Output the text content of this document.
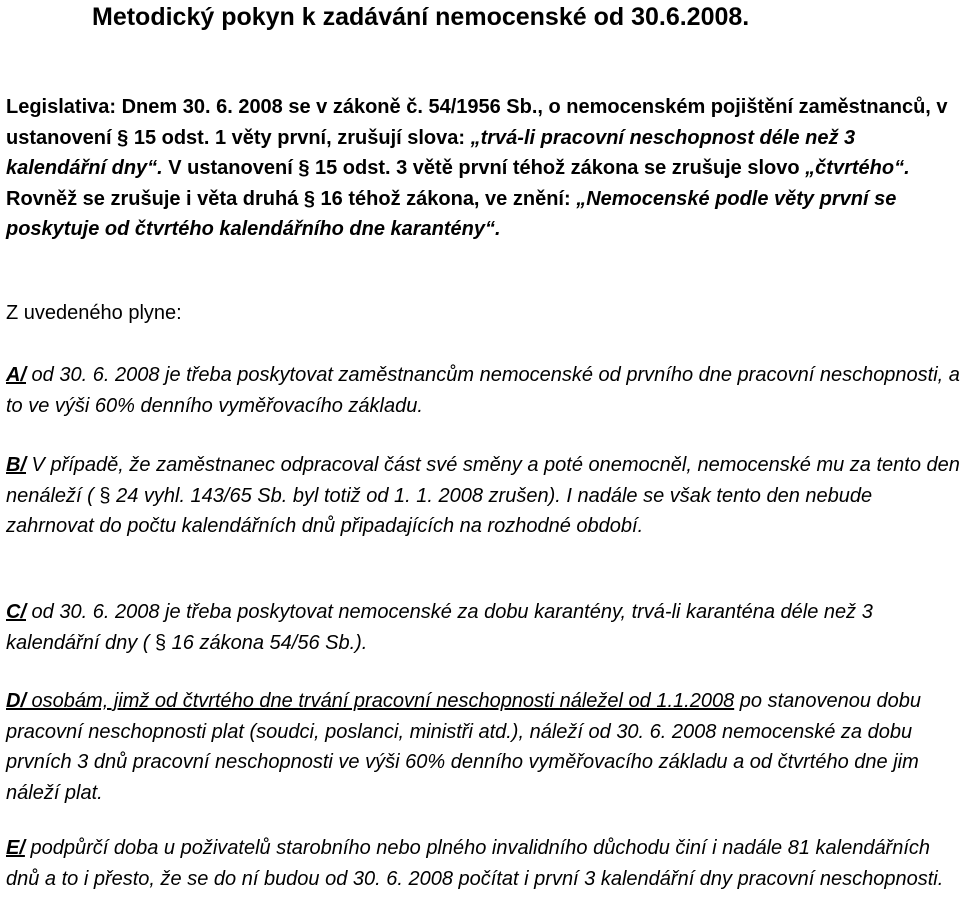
Metodický pokyn k zadávání nemocenské od 30.6.2008.
Legislativa: Dnem 30. 6. 2008 se v zákoně č. 54/1956 Sb., o nemocenském pojištění zaměstnanců, v ustanovení § 15 odst. 1 věty první, zrušují slova: „trvá-li pracovní neschopnost déle než 3 kalendářní dny“. V ustanovení § 15 odst. 3 větě první téhož zákona se zrušuje slovo „čtvrtého“. Rovněž se zrušuje i věta druhá § 16 téhož zákona, ve znění: „Nemocenské podle věty první se poskytuje od čtvrtého kalendářního dne karantény“.
Z uvedeného plyne:
A/ od 30. 6. 2008 je třeba poskytovat zaměstnancům nemocenské od prvního dne pracovní neschopnosti, a to ve výši 60% denního vyměřovacího základu.
B/ V případě, že zaměstnanec odpracoval část své směny a poté onemocněl, nemocenské mu za tento den nenáleží ( § 24 vyhl. 143/65 Sb. byl totiž od 1. 1. 2008 zrušen). I nadále se však tento den nebude zahrnovat do počtu kalendářních dnů připadajících na rozhodné období.
C/ od 30. 6. 2008 je třeba poskytovat nemocenské za dobu karantény, trvá-li karanténa déle než 3 kalendářní dny ( § 16 zákona 54/56 Sb.).
D/ osobám, jimž od čtvrtého dne trvání pracovní neschopnosti náležel od 1.1.2008 po stanovenou dobu pracovní neschopnosti plat (soudci, poslanci, ministři atd.), náleží od 30. 6. 2008 nemocenské za dobu prvních 3 dnů pracovní neschopnosti ve výši 60% denního vyměřovacího základu a od čtvrtého dne jim náleží plat.
E/ podpůrčí doba u poživatelů starobního nebo plného invalidního důchodu činí i nadále 81 kalendářních dnů a to i přesto, že se do ní budou od 30. 6. 2008 počítat i první 3 kalendářní dny pracovní neschopnosti.
